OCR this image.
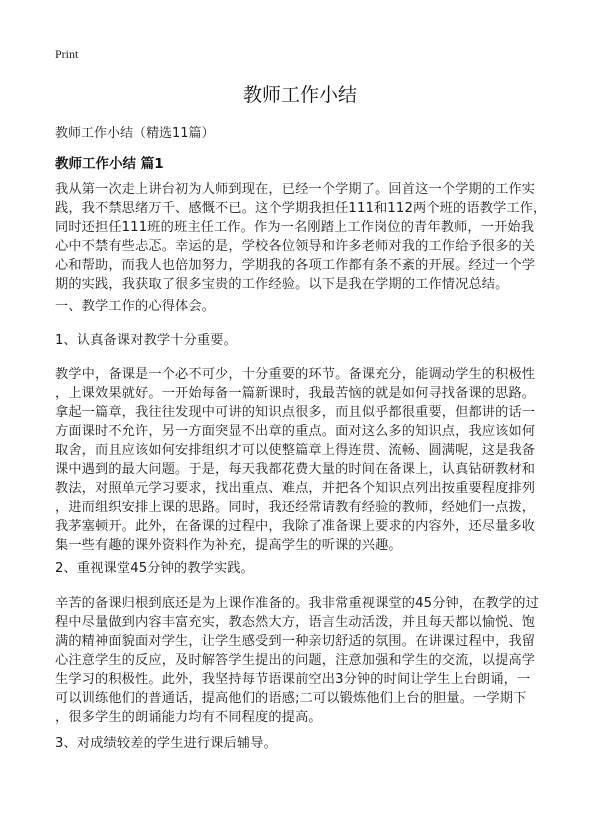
Print
教师工作小结
教师工作小结（精选11篇）
教师工作小结 篇1
我从第一次走上讲台初为人师到现在，已经一个学期了。回首这一个学期的工作实
践，我不禁思绪万千、感慨不已。这个学期我担任111和112两个班的语教学工作，
同时还担任111班的班主任工作。作为一名刚踏上工作岗位的青年教师，一开始我
心中不禁有些忐忑。幸运的是，学校各位领导和许多老师对我的工作给予很多的关
心和帮助，而我人也倍加努力，学期我的各项工作都有条不紊的开展。经过一个学
期的实践，我获取了很多宝贵的工作经验。以下是我在学期的工作情况总结。
一、教学工作的心得体会。
1、认真备课对教学十分重要。
教学中，备课是一个必不可少，十分重要的环节。备课充分，能调动学生的积极性
，上课效果就好。一开始每备一篇新课时，我最苦恼的就是如何寻找备课的思路。
拿起一篇章，我往往发现中可讲的知识点很多，而且似乎都很重要，但都讲的话一
方面课时不允许，另一方面突显不出章的重点。面对这么多的知识点，我应该如何
取舍，而且应该如何安排组织才可以使整篇章上得连贯、流畅、圆满呢，这是我备
课中遇到的最大问题。于是，每天我都花费大量的时间在备课上，认真钻研教材和
教法，对照单元学习要求，找出重点、难点，并把各个知识点列出按重要程度排列
，进而组织安排上课的思路。同时，我还经常请教有经验的教师，经她们一点拨，
我茅塞顿开。此外，在备课的过程中，我除了准备课上要求的内容外，还尽量多收
集一些有趣的课外资料作为补充，提高学生的听课的兴趣。
2、重视课堂45分钟的教学实践。
辛苦的备课归根到底还是为上课作准备的。我非常重视课堂的45分钟，在教学的过
程中尽量做到内容丰富充实，教态然大方，语言生动活泼，并且每天都以愉悦、饱
满的精神面貌面对学生，让学生感受到一种亲切舒适的氛围。在讲课过程中，我留
心注意学生的反应，及时解答学生提出的问题，注意加强和学生的交流，以提高学
生学习的积极性。此外，我坚持每节语课前空出3分钟的时间让学生上台朗诵，一
可以训练他们的普通话，提高他们的语感;二可以锻炼他们上台的胆量。一学期下
，很多学生的朗诵能力均有不同程度的提高。
3、对成绩较差的学生进行课后辅导。
